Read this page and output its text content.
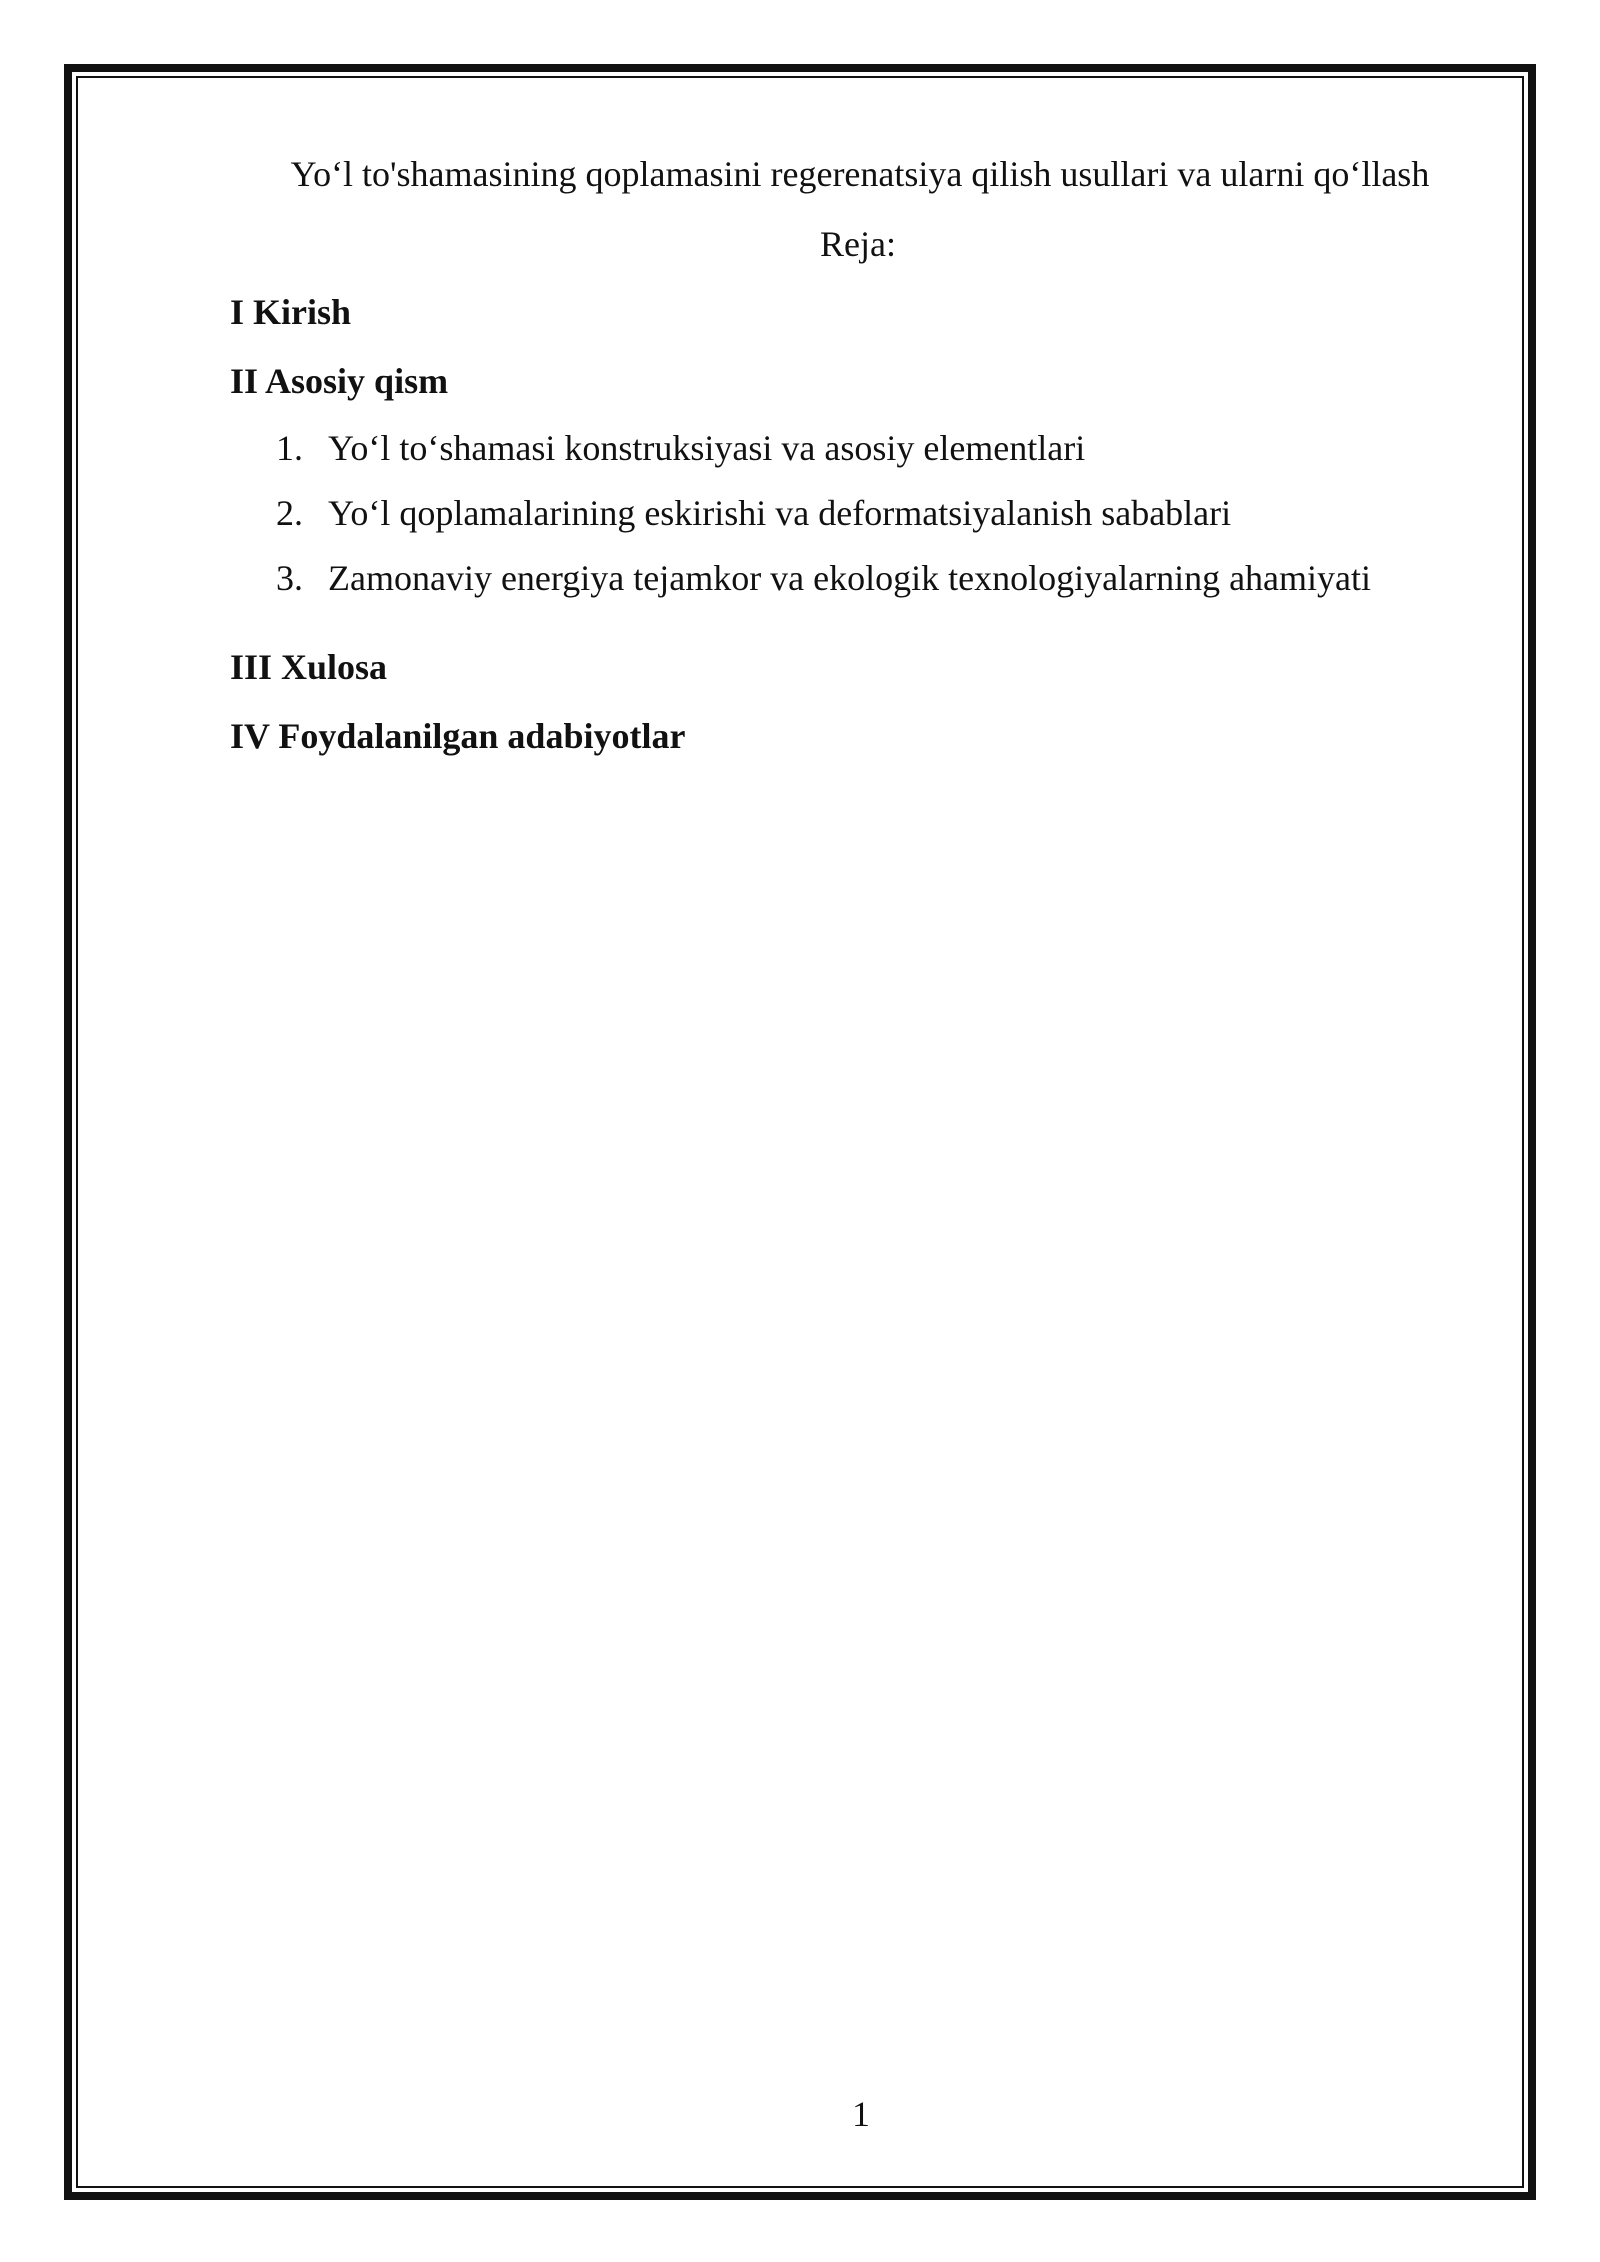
Yo‘l to'shamasining qoplamasini regerenatsiya qilish usullari va ularni qo‘llash
Reja:
I Kirish
II Asosiy qism
1. Yo‘l to‘shamasi konstruksiyasi va asosiy elementlari
2. Yo‘l qoplamalarining eskirishi va deformatsiyalanish sabablari
3. Zamonaviy energiya tejamkor va ekologik texnologiyalarning ahamiyati
III Xulosa
IV Foydalanilgan adabiyotlar
1
